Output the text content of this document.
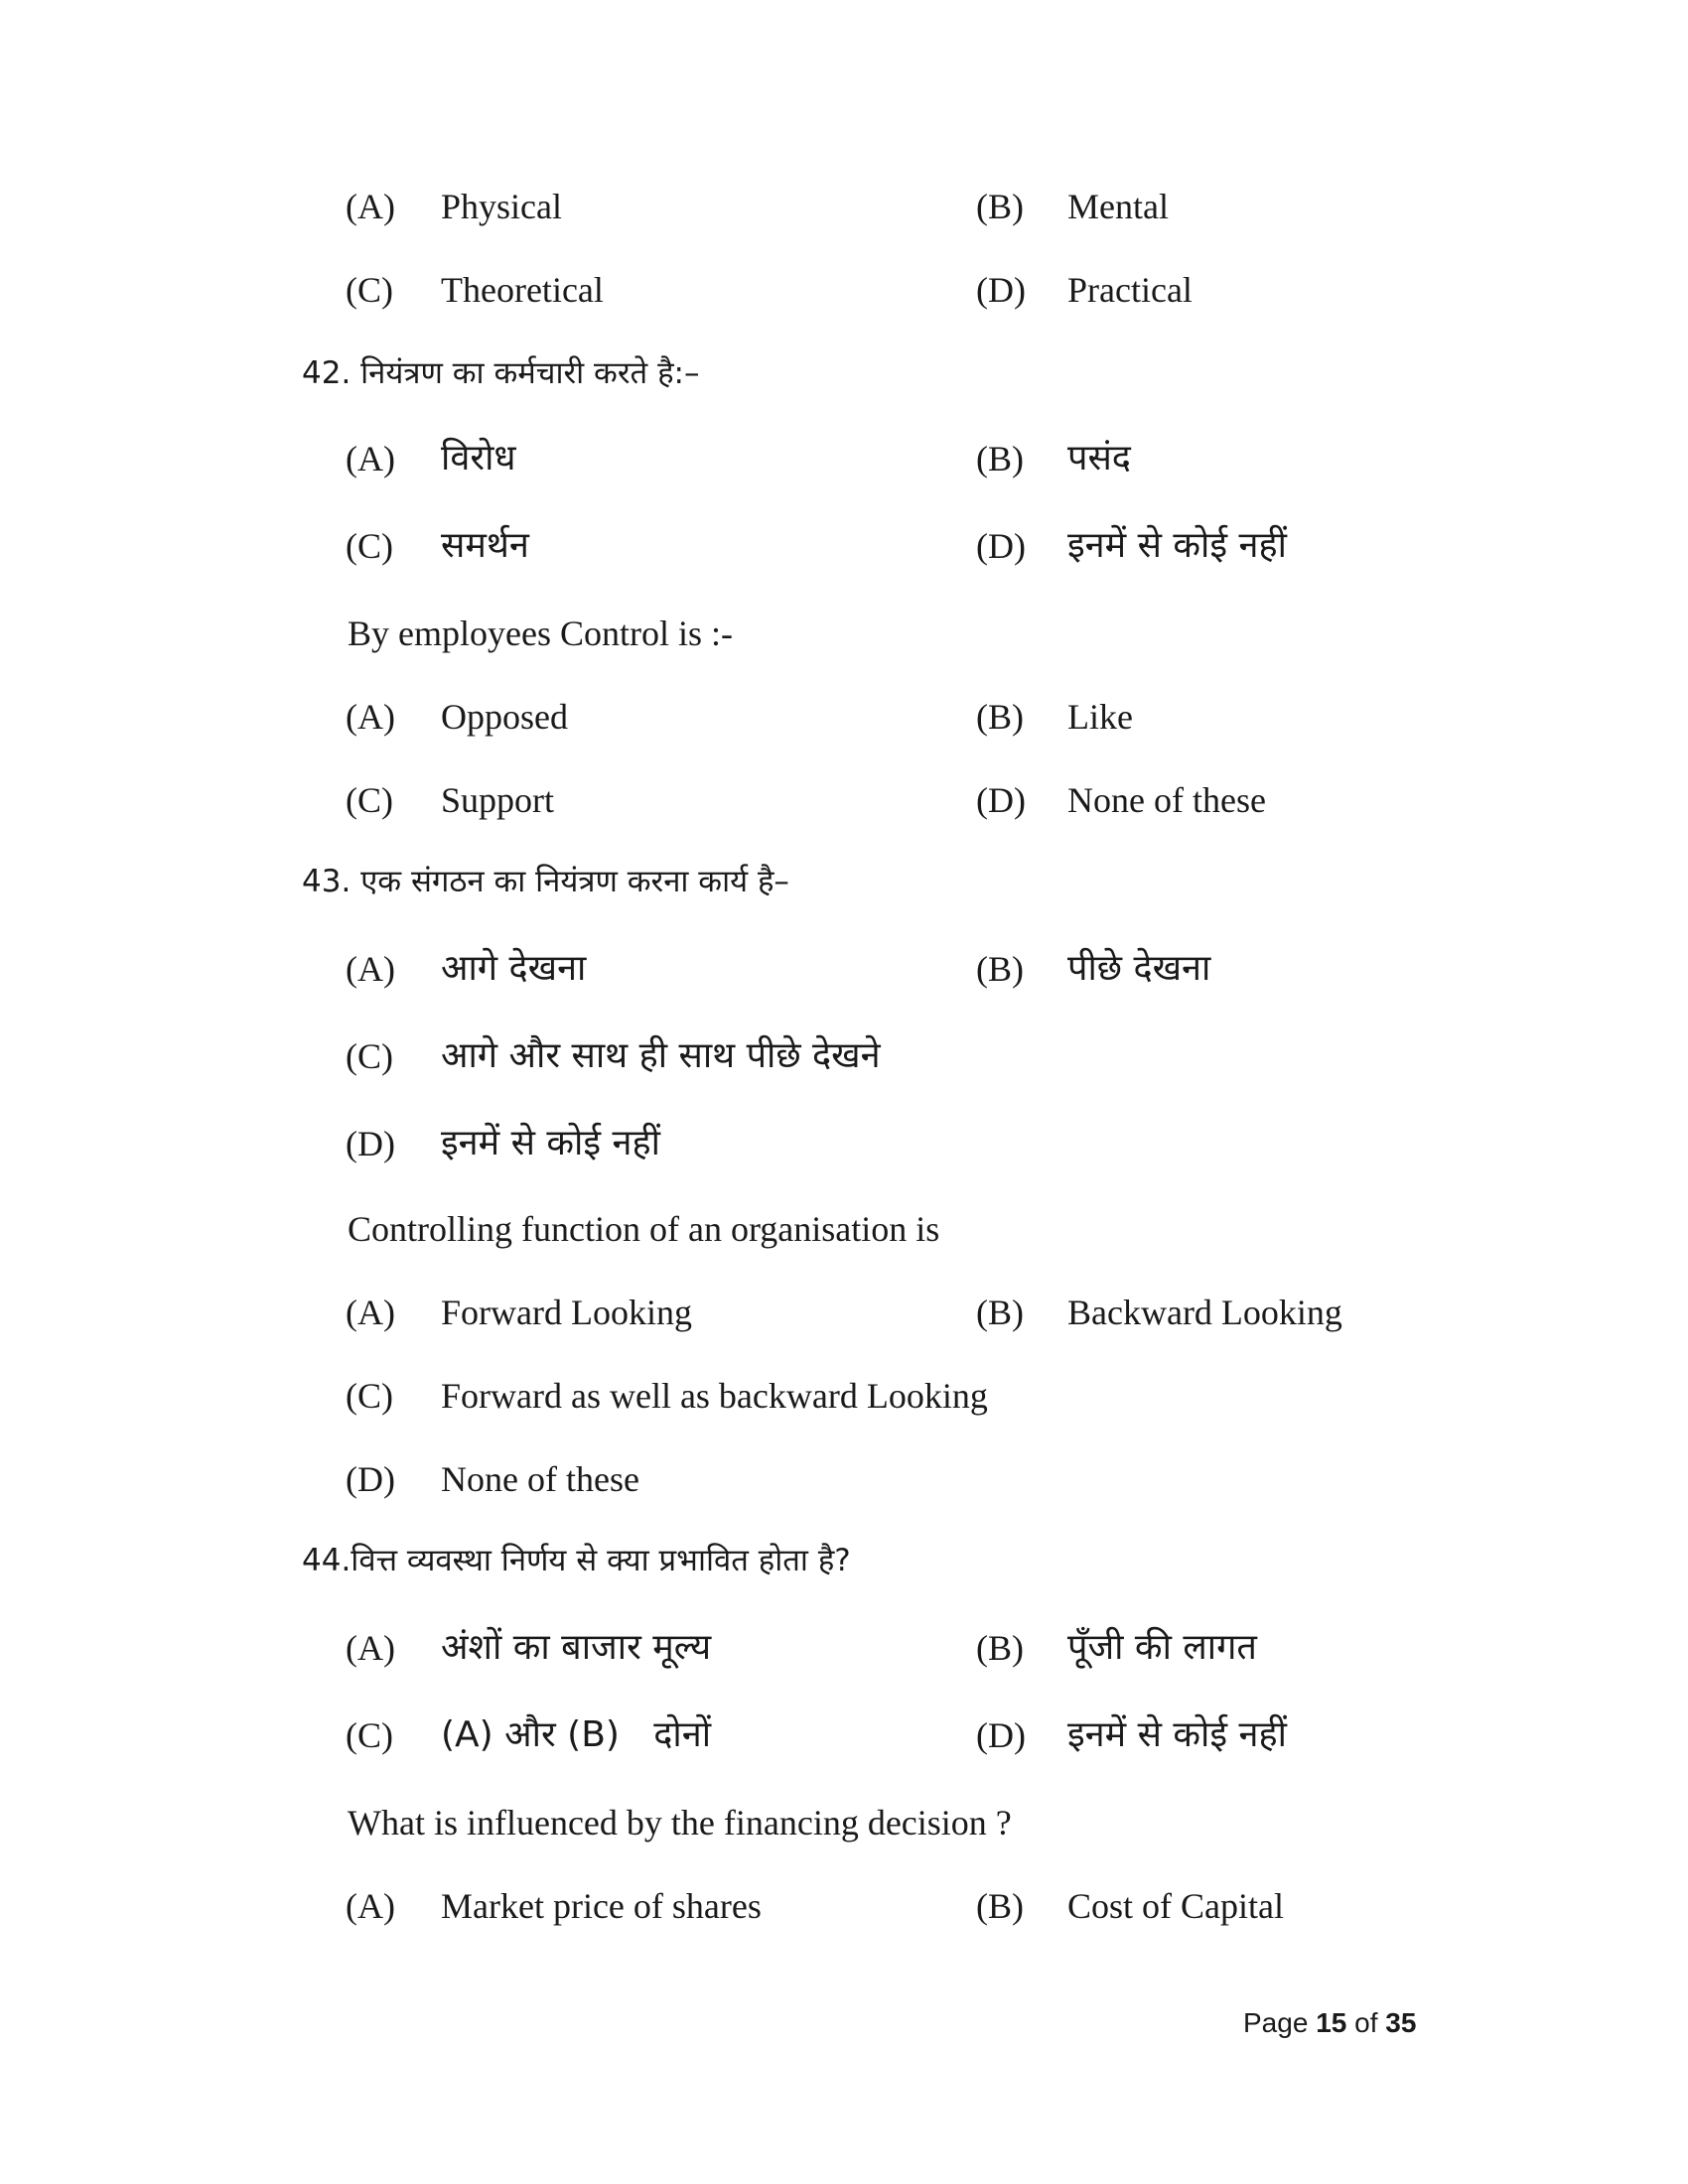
(A) Physical	(B) Mental
(C) Theoretical	(D) Practical
42. नियंत्रण का कर्मचारी करते है:–
(A) विरोध	(B) पसंद
(C) समर्थन	(D) इनमें से कोई नहीं
By employees Control is :-
(A) Opposed	(B) Like
(C) Support	(D) None of these
43. एक संगठन का नियंत्रण करना कार्य है–
(A) आगे देखना	(B) पीछे देखना
(C) आगे और साथ ही साथ पीछे देखने
(D) इनमें से कोई नहीं
Controlling function of an organisation is
(A) Forward Looking	(B) Backward Looking
(C) Forward as well as backward Looking
(D) None of these
44.वित्त व्यवस्था निर्णय से क्या प्रभावित होता है?
(A) अंशों का बाजार मूल्य	(B) पूँजी की लागत
(C) (A) और (B)   दोनों	(D) इनमें से कोई नहीं
What is influenced by the financing decision ?
(A) Market price of shares	(B) Cost of Capital
Page 15 of 35
